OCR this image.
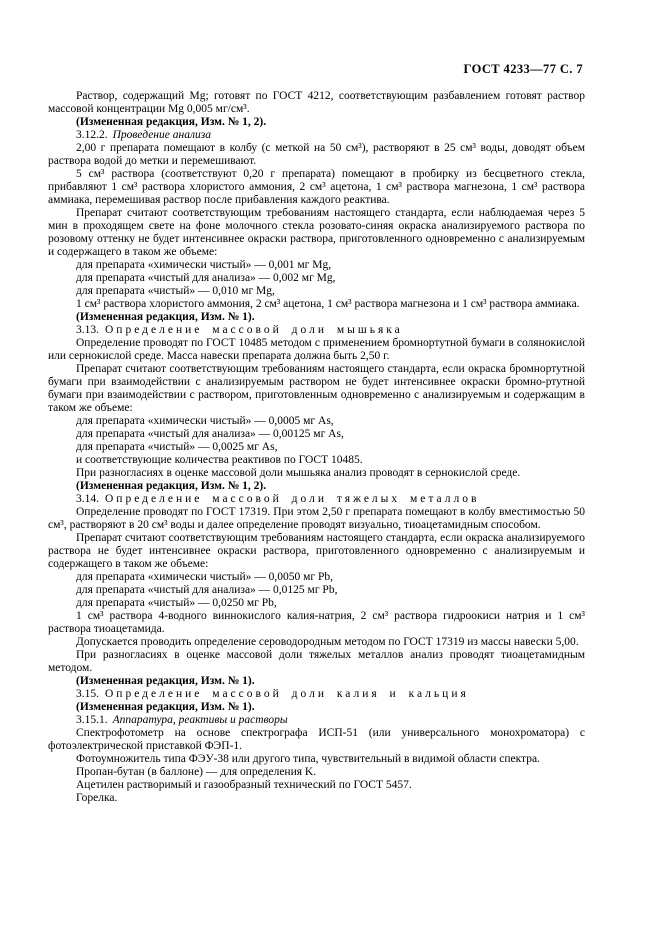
ГОСТ 4233—77 С. 7

Раствор, содержащий Mg; готовят по ГОСТ 4212, соответствующим разбавлением готовят раствор массовой концентрации Mg 0,005 мг/см³.

(Измененная редакция, Изм. № 1, 2).

3.12.2. Проведение анализа

2,00 г препарата помещают в колбу (с меткой на 50 см³), растворяют в 25 см³ воды, доводят объем раствора водой до метки и перемешивают.

5 см³ раствора (соответствуют 0,20 г препарата) помещают в пробирку из бесцветного стекла, прибавляют 1 см³ раствора хлористого аммония, 2 см³ ацетона, 1 см³ раствора магнезона, 1 см³ раствора аммиака, перемешивая раствор после прибавления каждого реактива.

Препарат считают соответствующим требованиям настоящего стандарта, если наблюдаемая через 5 мин в проходящем свете на фоне молочного стекла розовато-синяя окраска анализируемого раствора по розовому оттенку не будет интенсивнее окраски раствора, приготовленного одновременно с анализируемым и содержащего в таком же объеме:

для препарата «химически чистый» — 0,001 мг Mg,

для препарата «чистый для анализа» — 0,002 мг Mg,

для препарата «чистый» — 0,010 мг Mg,

1 см³ раствора хлористого аммония, 2 см³ ацетона, 1 см³ раствора магнезона и 1 см³ раствора аммиака.

(Измененная редакция, Изм. № 1).

3.13. Определение массовой доли мышьяка

Определение проводят по ГОСТ 10485 методом с применением бромнортутной бумаги в солянокислой или сернокислой среде. Масса навески препарата должна быть 2,50 г.

Препарат считают соответствующим требованиям настоящего стандарта, если окраска бромнортутной бумаги при взаимодействии с анализируемым раствором не будет интенсивнее окраски бромно-ртутной бумаги при взаимодействии с раствором, приготовленным одновременно с анализируемым и содержащим в таком же объеме:

для препарата «химически чистый» — 0,0005 мг As,

для препарата «чистый для анализа» — 0,00125 мг As,

для препарата «чистый» — 0,0025 мг As,

и соответствующие количества реактивов по ГОСТ 10485.

При разногласиях в оценке массовой доли мышьяка анализ проводят в сернокислой среде.

(Измененная редакция, Изм. № 1, 2).

3.14. Определение массовой доли тяжелых металлов

Определение проводят по ГОСТ 17319. При этом 2,50 г препарата помещают в колбу вместимостью 50 см³, растворяют в 20 см³ воды и далее определение проводят визуально, тиоацетамидным способом.

Препарат считают соответствующим требованиям настоящего стандарта, если окраска анализируемого раствора не будет интенсивнее окраски раствора, приготовленного одновременно с анализируемым и содержащего в таком же объеме:

для препарата «химически чистый» — 0,0050 мг Pb,

для препарата «чистый для анализа» — 0,0125 мг Pb,

для препарата «чистый» — 0,0250 мг Pb,

1 см³ раствора 4-водного виннокислого калия-натрия, 2 см³ раствора гидроокиси натрия и 1 см³ раствора тиоацетамида.

Допускается проводить определение сероводородным методом по ГОСТ 17319 из массы навески 5,00.

При разногласиях в оценке массовой доли тяжелых металлов анализ проводят тиоацетамидным методом.

(Измененная редакция, Изм. № 1).

3.15. Определение массовой доли калия и кальция

(Измененная редакция, Изм. № 1).

3.15.1. Аппаратура, реактивы и растворы

Спектрофотометр на основе спектрографа ИСП-51 (или универсального монохроматора) с фотоэлектрической приставкой ФЭП-1.

Фотоумножитель типа ФЭУ-38 или другого типа, чувствительный в видимой области спектра.

Пропан-бутан (в баллоне) — для определения K.

Ацетилен растворимый и газообразный технический по ГОСТ 5457.

Горелка.
